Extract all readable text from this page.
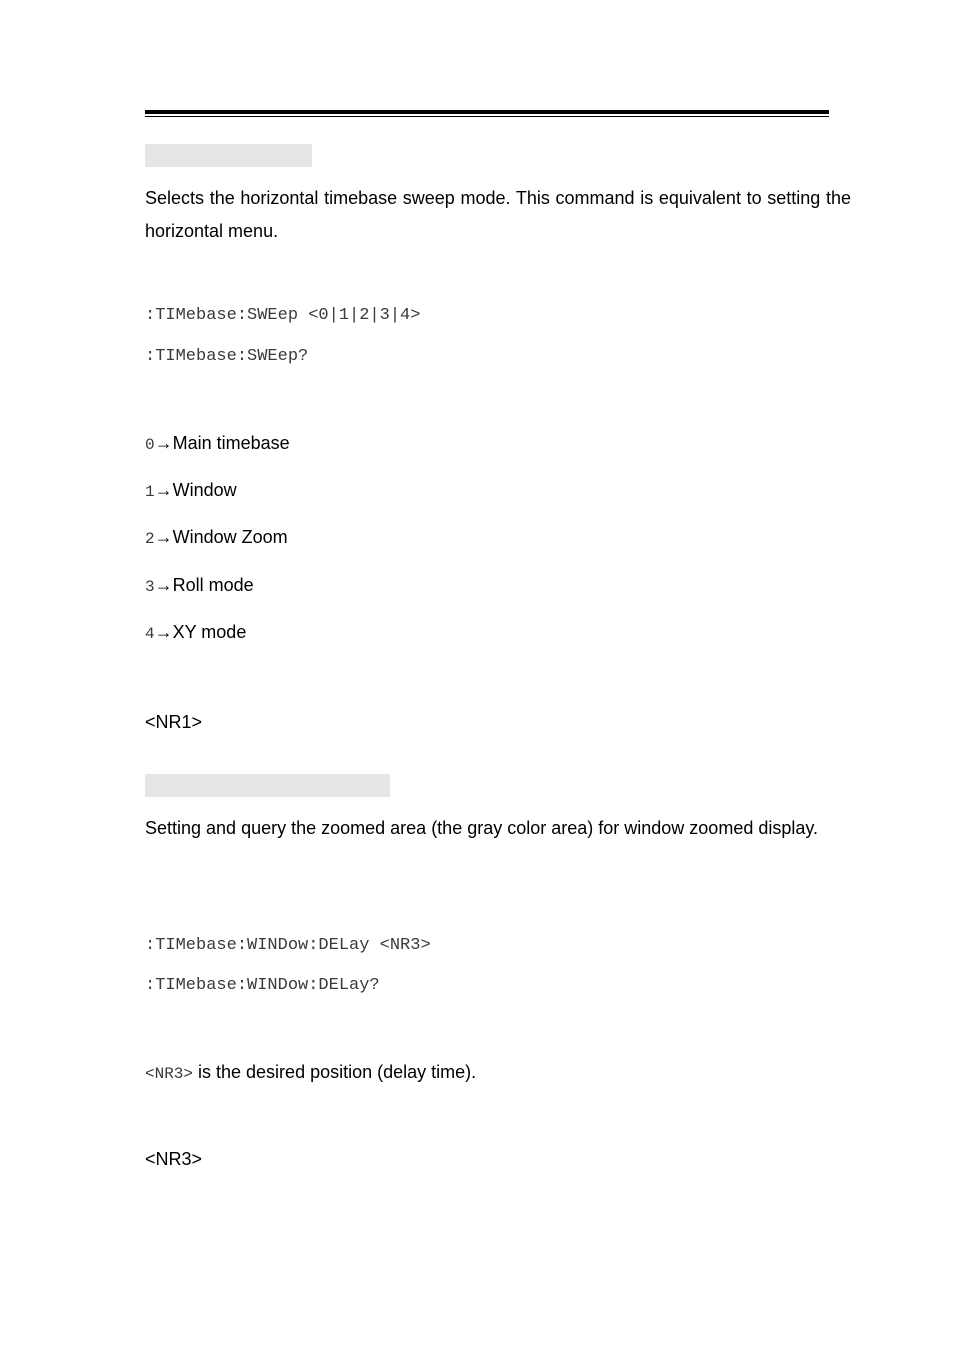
Selects the horizontal timebase sweep mode. This command is equivalent to setting the horizontal menu.

:TIMebase:SWEep <0|1|2|3|4>
:TIMebase:SWEep?
0→Main timebase
1→Window
2→Window Zoom
3→Roll mode
4→XY mode
<NR1>

Setting and query the zoomed area (the gray color area) for window zoomed display.

:TIMebase:WINDow:DELay <NR3>
:TIMebase:WINDow:DELay?
<NR3> is the desired position (delay time).
<NR3>
